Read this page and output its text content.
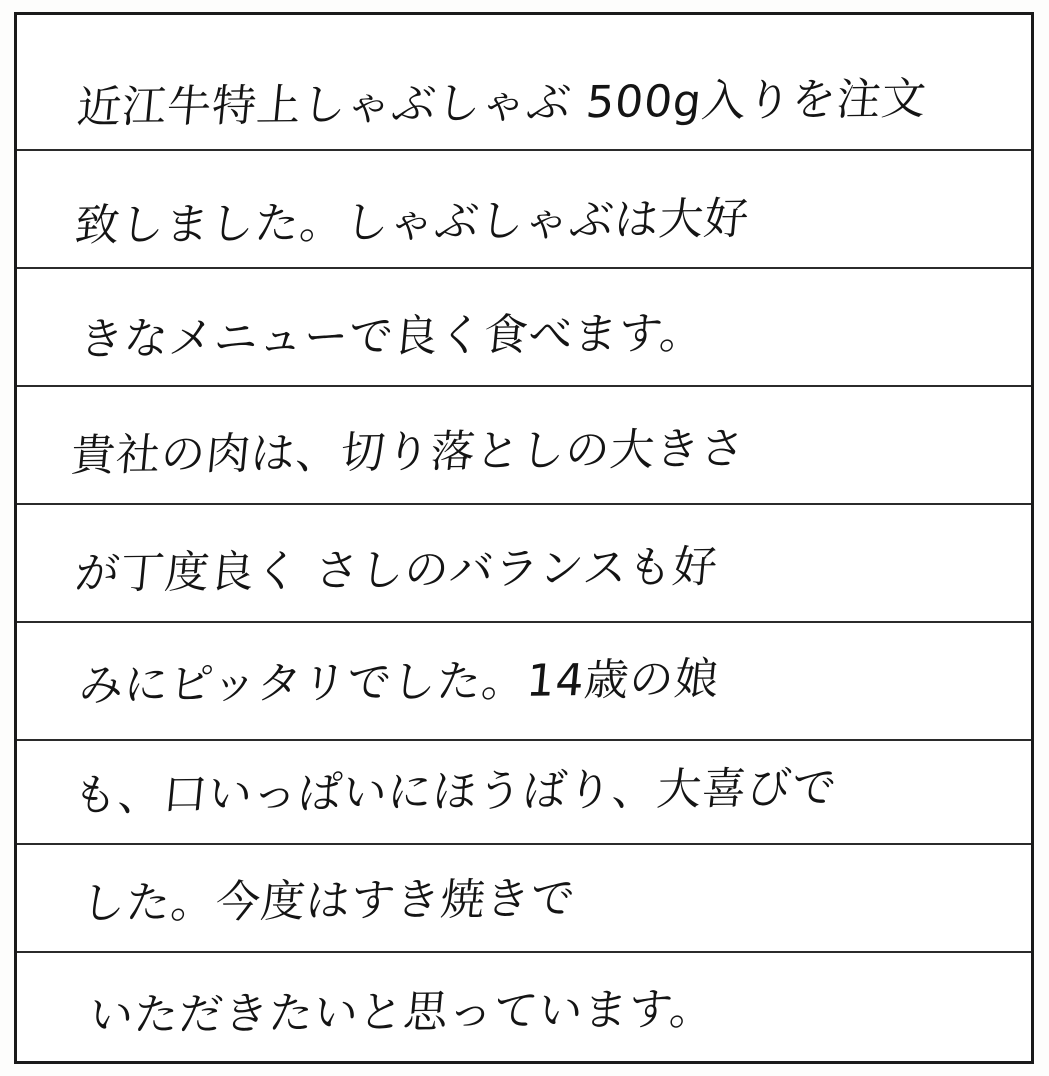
近江牛特上しゃぶしゃぶ 500g入りを注文
致しました。しゃぶしゃぶは大好
きなメニューで良く食べます。
貴社の肉は、切り落としの大きさ
が丁度良く さしのバランスも好
みにピッタリでした。14歳の娘
も、口いっぱいにほうばり、大喜びで
した。今度はすき焼きで
いただきたいと思っています。
